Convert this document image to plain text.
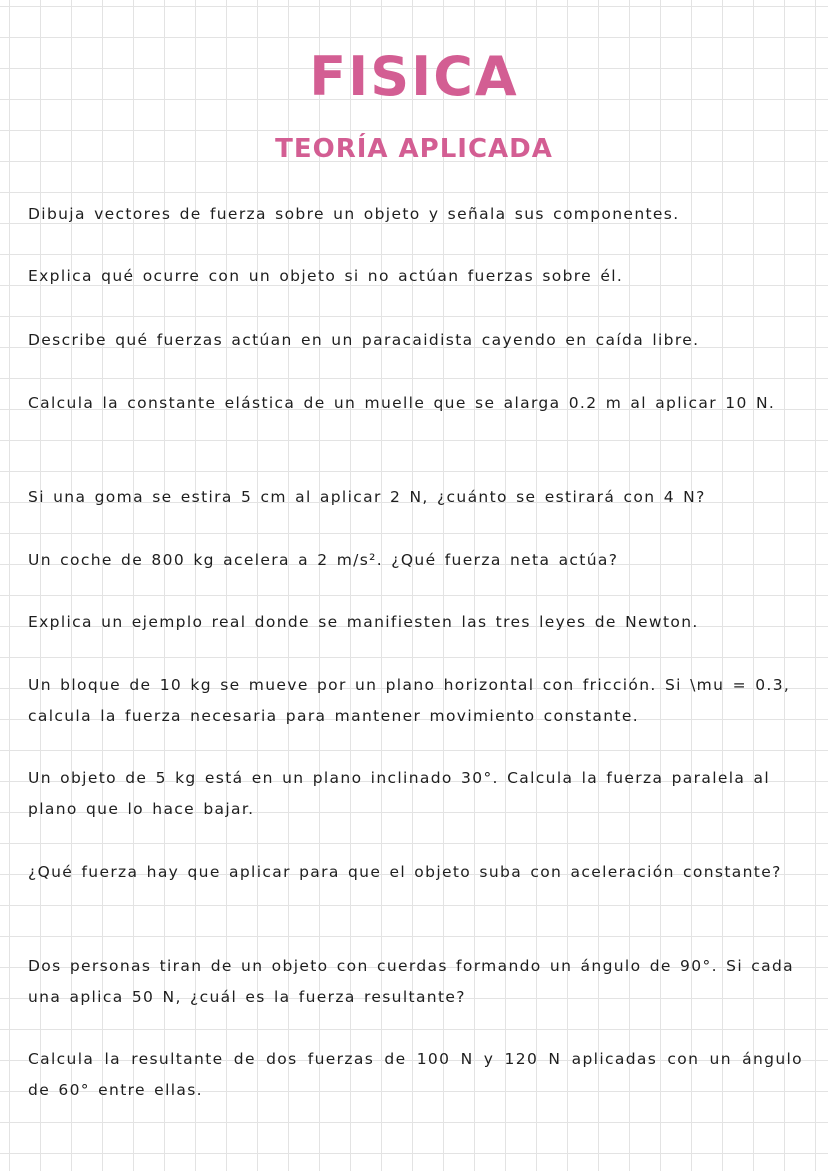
FISICA
TEORÍA APLICADA

Dibuja vectores de fuerza sobre un objeto y señala sus componentes.

Explica qué ocurre con un objeto si no actúan fuerzas sobre él.

Describe qué fuerzas actúan en un paracaidista cayendo en caída libre.

Calcula la constante elástica de un muelle que se alarga 0.2 m al aplicar 10 N.

Si una goma se estira 5 cm al aplicar 2 N, ¿cuánto se estirará con 4 N?

Un coche de 800 kg acelera a 2 m/s². ¿Qué fuerza neta actúa?

Explica un ejemplo real donde se manifiesten las tres leyes de Newton.

Un bloque de 10 kg se mueve por un plano horizontal con fricción. Si \mu = 0.3, calcula la fuerza necesaria para mantener movimiento constante.

Un objeto de 5 kg está en un plano inclinado 30°. Calcula la fuerza paralela al plano que lo hace bajar.

¿Qué fuerza hay que aplicar para que el objeto suba con aceleración constante?

Dos personas tiran de un objeto con cuerdas formando un ángulo de 90°. Si cada una aplica 50 N, ¿cuál es la fuerza resultante?

Calcula la resultante de dos fuerzas de 100 N y 120 N aplicadas con un ángulo de 60° entre ellas.
